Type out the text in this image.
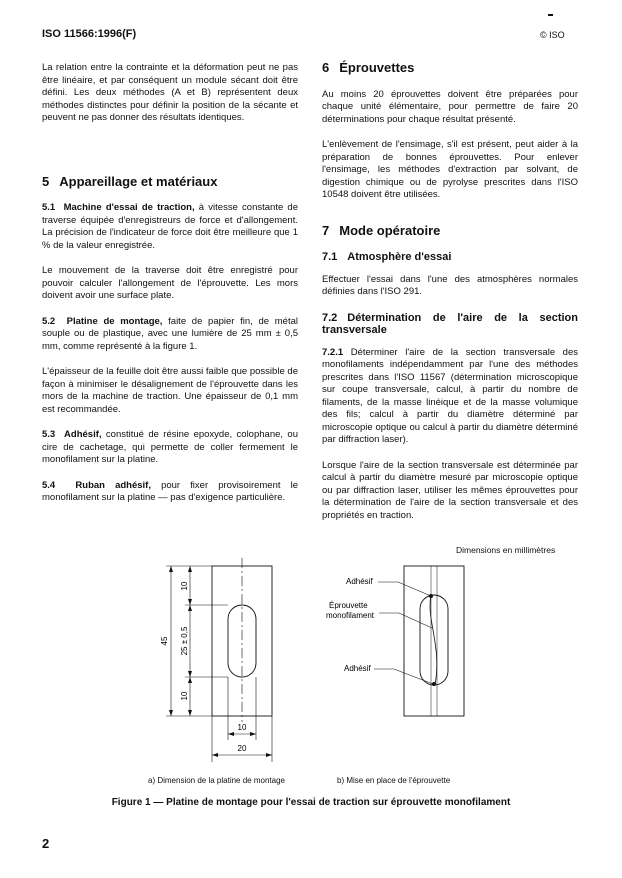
ISO 11566:1996(F)	© ISO

La relation entre la contrainte et la déformation peut ne pas être linéaire, et par conséquent un module sécant doit être défini. Les deux méthodes (A et B) représentent deux méthodes distinctes pour définir la position de la sécante et peuvent ne pas donner des résultats identiques.

5 Appareillage et matériaux

5.1 Machine d'essai de traction, à vitesse constante de traverse équipée d'enregistreurs de force et d'allongement. La précision de l'indicateur de force doit être meilleure que 1 % de la valeur enregistrée.

Le mouvement de la traverse doit être enregistré pour pouvoir calculer l'allongement de l'éprouvette. Les mors doivent avoir une surface plate.

5.2 Platine de montage, faite de papier fin, de métal souple ou de plastique, avec une lumière de 25 mm ± 0,5 mm, comme représenté à la figure 1.

L'épaisseur de la feuille doit être aussi faible que possible de façon à minimiser le désalignement de l'éprouvette dans les mors de la machine de traction. Une épaisseur de 0,1 mm est recommandée.

5.3 Adhésif, constitué de résine epoxyde, colophane, ou cire de cachetage, qui permette de coller fermement le monofilament sur la platine.

5.4 Ruban adhésif, pour fixer provisoirement le monofilament sur la platine — pas d'exigence particulière.

6 Éprouvettes

Au moins 20 éprouvettes doivent être préparées pour chaque unité élémentaire, pour permettre de faire 20 déterminations pour chaque résultat présenté.

L'enlèvement de l'ensimage, s'il est présent, peut aider à la préparation de bonnes éprouvettes. Pour enlever l'ensimage, les méthodes d'extraction par solvant, de digestion chimique ou de pyrolyse prescrites dans l'ISO 10548 doivent être utilisées.

7 Mode opératoire
7.1 Atmosphère d'essai

Effectuer l'essai dans l'une des atmosphères normales définies dans l'ISO 291.

7.2 Détermination de l'aire de la section transversale

7.2.1 Déterminer l'aire de la section transversale des monofilaments indépendamment par l'une des méthodes prescrites dans l'ISO 11567 (détermination microscopique sur coupe transversale, calcul, à partir du nombre de filaments, de la masse linéique et de la masse volumique des fils; calcul à partir du diamètre déterminé par microscopie optique ou calcul à partir du diamètre déterminé par diffraction laser).

Lorsque l'aire de la section transversale est déterminée par calcul à partir du diamètre mesuré par microscopie optique ou par diffraction laser, utiliser les mêmes éprouvettes pour la détermination de l'aire de la section transversale et des propriétés en traction.

Dimensions en millimètres
45
10
25 ± 0,5
10
10
20
Adhésif
Éprouvette
monofilament
Adhésif
a) Dimension de la platine de montage	b) Mise en place de l'éprouvette
Figure 1 — Platine de montage pour l'essai de traction sur éprouvette monofilament
2
